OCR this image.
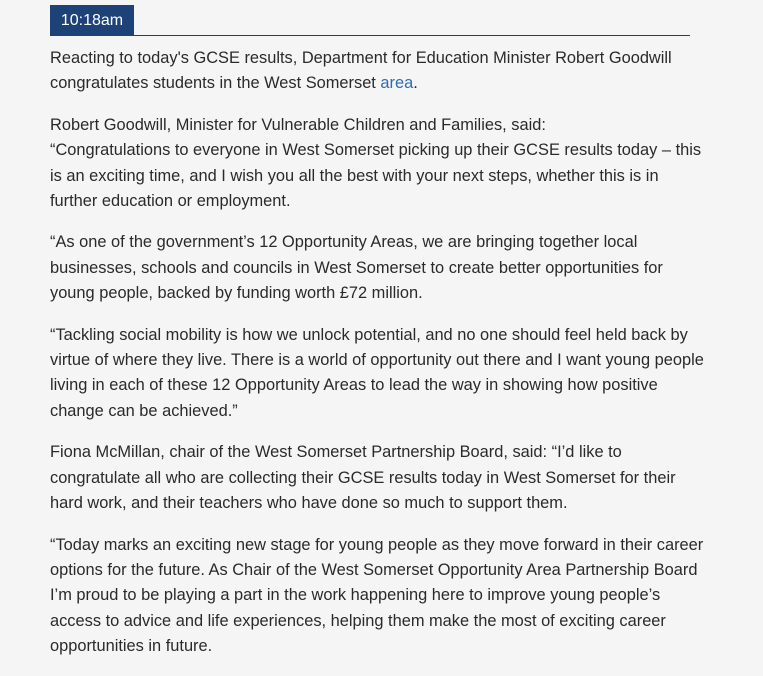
10:18am

Reacting to today's GCSE results, Department for Education Minister Robert Goodwill congratulates students in the West Somerset area.

Robert Goodwill, Minister for Vulnerable Children and Families, said:

“Congratulations to everyone in West Somerset picking up their GCSE results today – this is an exciting time, and I wish you all the best with your next steps, whether this is in further education or employment.

“As one of the government’s 12 Opportunity Areas, we are bringing together local businesses, schools and councils in West Somerset to create better opportunities for young people, backed by funding worth £72 million.

“Tackling social mobility is how we unlock potential, and no one should feel held back by virtue of where they live. There is a world of opportunity out there and I want young people living in each of these 12 Opportunity Areas to lead the way in showing how positive change can be achieved.”

Fiona McMillan, chair of the West Somerset Partnership Board, said: “I’d like to congratulate all who are collecting their GCSE results today in West Somerset for their hard work, and their teachers who have done so much to support them.

“Today marks an exciting new stage for young people as they move forward in their career options for the future. As Chair of the West Somerset Opportunity Area Partnership Board I’m proud to be playing a part in the work happening here to improve young people’s access to advice and life experiences, helping them make the most of exciting career opportunities in future.
